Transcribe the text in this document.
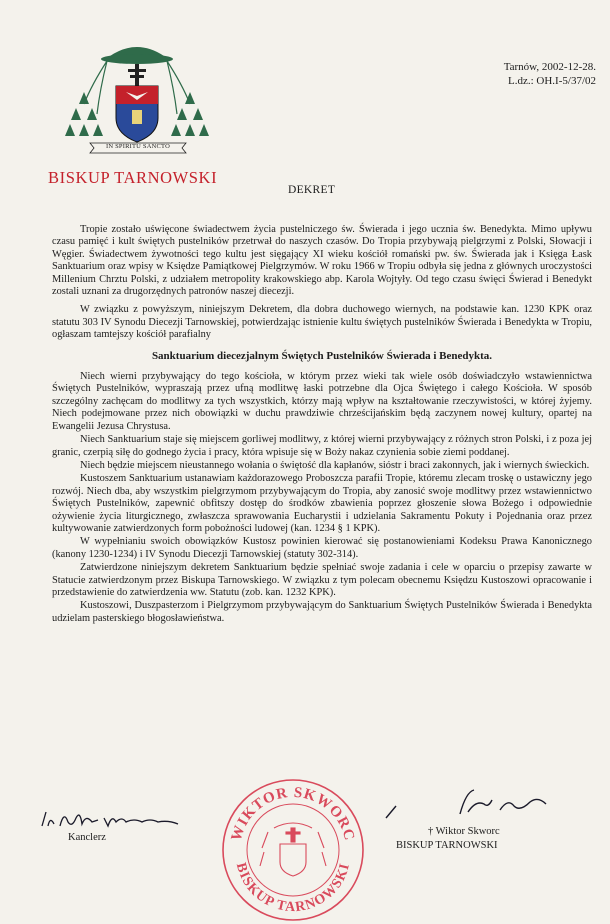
IN SPIRITU SANCTO
BISKUP TARNOWSKI
Tarnów, 2002-12-28.
L.dz.: OH.I-5/37/02
DEKRET

Tropie zostało uświęcone świadectwem życia pustelniczego św. Świerada i jego ucznia św. Benedykta. Mimo upływu czasu pamięć i kult świętych pustelników przetrwał do naszych czasów. Do Tropia przybywają pielgrzymi z Polski, Słowacji i Węgier. Świadectwem żywotności tego kultu jest sięgający XI wieku kościół romański pw. św. Świerada jak i Księga Łask Sanktuarium oraz wpisy w Księdze Pamiątkowej Pielgrzymów. W roku 1966 w Tropiu odbyła się jedna z głównych uroczystości Millenium Chrztu Polski, z udziałem metropolity krakowskiego abp. Karola Wojtyły. Od tego czasu święci Świerad i Benedykt zostali uznani za drugorzędnych patronów naszej diecezji.

W związku z powyższym, niniejszym Dekretem, dla dobra duchowego wiernych, na podstawie kan. 1230 KPK oraz statutu 303 IV Synodu Diecezji Tarnowskiej, potwierdzając istnienie kultu świętych pustelników Świerada i Benedykta w Tropiu, ogłaszam tamtejszy kościół parafialny

Sanktuarium diecezjalnym Świętych Pustelników Świerada i Benedykta.

Niech wierni przybywający do tego kościoła, w którym przez wieki tak wiele osób doświadczyło wstawiennictwa Świętych Pustelników, wypraszają przez ufną modlitwę łaski potrzebne dla Ojca Świętego i całego Kościoła. W sposób szczególny zachęcam do modlitwy za tych wszystkich, którzy mają wpływ na kształtowanie rzeczywistości, w której żyjemy. Niech podejmowane przez nich obowiązki w duchu prawdziwie chrześcijańskim będą zaczynem nowej kultury, opartej na Ewangelii Jezusa Chrystusa.

Niech Sanktuarium staje się miejscem gorliwej modlitwy, z której wierni przybywający z różnych stron Polski, i z poza jej granic, czerpią siłę do godnego życia i pracy, która wpisuje się w Boży nakaz czynienia sobie ziemi poddanej.

Niech będzie miejscem nieustannego wołania o świętość dla kapłanów, sióstr i braci zakonnych, jak i wiernych świeckich.

Kustoszem Sanktuarium ustanawiam każdorazowego Proboszcza parafii Tropie, któremu zlecam troskę o ustawiczny jego rozwój. Niech dba, aby wszystkim pielgrzymom przybywającym do Tropia, aby zanosić swoje modlitwy przez wstawiennictwo Świętych Pustelników, zapewnić obfitszy dostęp do środków zbawienia poprzez głoszenie słowa Bożego i odpowiednie ożywienie życia liturgicznego, zwłaszcza sprawowania Eucharystii i udzielania Sakramentu Pokuty i Pojednania oraz przez kultywowanie zatwierdzonych form pobożności ludowej (kan. 1234 § 1 KPK).

W wypełnianiu swoich obowiązków Kustosz powinien kierować się postanowieniami Kodeksu Prawa Kanonicznego (kanony 1230-1234) i IV Synodu Diecezji Tarnowskiej (statuty 302-314).

Zatwierdzone niniejszym dekretem Sanktuarium będzie spełniać swoje zadania i cele w oparciu o przepisy zawarte w Statucie zatwierdzonym przez Biskupa Tarnowskiego. W związku z tym polecam obecnemu Księdzu Kustoszowi opracowanie i przedstawienie do zatwierdzenia ww. Statutu (zob. kan. 1232 KPK).

Kustoszowi, Duszpasterzom i Pielgrzymom przybywającym do Sanktuarium Świętych Pustelników Świerada i Benedykta udzielam pasterskiego błogosławieństwa.

Kanclerz	WIKTOR SKWORC
BISKUP TARNOWSKI
† Wiktor Skworc
BISKUP TARNOWSKI
